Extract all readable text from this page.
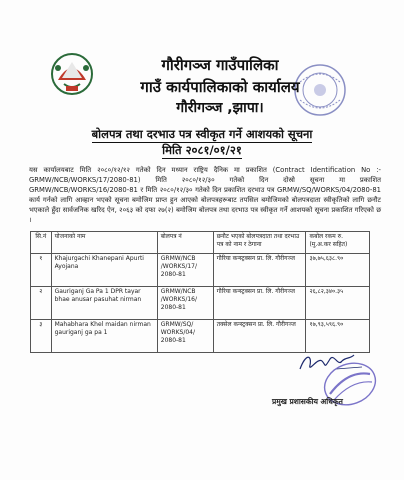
गौरीगञ्ज गाउँपालिका
गाउँ कार्यपालिकाको कार्यालय
गौरीगञ्ज ,झापा।
बोलपत्र तथा दरभाउ पत्र स्वीकृत गर्ने आशयको सूचना
मिति २०८१/०१/२१
यस कार्यालयबाट मिति २०८०/१२/१२ गतेको दिन मध्यान राष्ट्रिय दैनिक मा प्रकाशित (Contract Identification No :- GRMW/NCB/WORKS/17/2080-81) मिति २०८०/१२/३० गतेको दिन दोस्रो सूचना मा प्रकाशित GRMW/NCB/WORKS/16/2080-81 र मिति २०८०/१२/३० गतेको दिन प्रकाशित दरभाउ पत्र GRMW/SQ/WORKS/04/2080-81 कार्य गर्नको लागि आव्हान भएको सूचना बमोजिम प्राप्त हुन आएको बोलपत्रहरूबाट तपसिल बमोजिमको बोलपत्रदाता स्वीकृतिको लागि छनौट भएकाले हुँदा सार्वजनिक खरिद ऐन, २०६३ को दफा २७(२) बमोजिम बोलपत्र तथा दरभाउ पत्र स्वीकृत गर्ने आशयको सूचना प्रकाशित गरिएको छ ।
सि.नं	योजनाको नाम	बोलपत्र नं	छनौट भएको बोलपत्रदाता तथा दरभाउ पत्र को नाम र ठेगाना	कबोल रकम रु. (मु.अ.कर सहित)
१	Khajurgachi Khanepani Apurti Ayojana	GRMW/NCB /WORKS/17/ 2080-81	गौरिया कन्स्ट्रक्सन प्रा. लि. गौरीगञ्ज	३७,७५,६३८.९०
२	Gauriganj Ga Pa 1 DPR tayar bhae anusar pasuhat nirman	GRMW/NCB /WORKS/16/ 2080-81	गौरिया कन्स्ट्रक्सन प्रा. लि. गौरीगञ्ज	२६,८२,३४०.३५
३	Mahabhara Khel maidan nirman gauriganj ga pa 1	GRMW/SQ/ WORKS/04/ 2080-81	तक्सेल कन्स्ट्रक्सन प्रा. लि. गौरीगञ्ज	१७,९३,५९६.९०
प्रमुख प्रशासकीय अधिकृत
